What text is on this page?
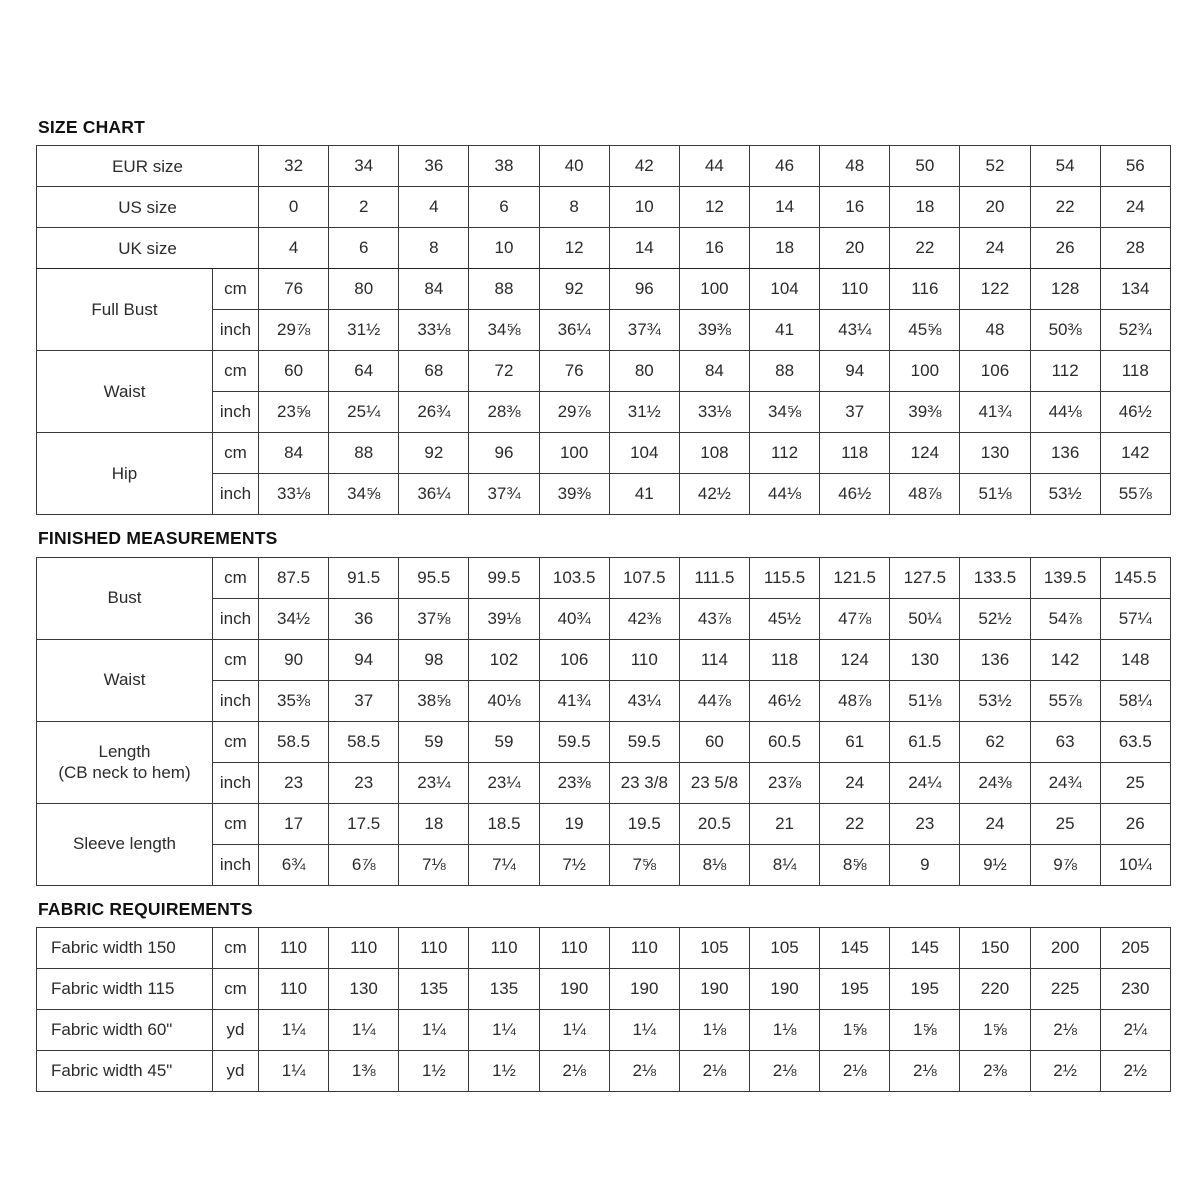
SIZE CHART
EUR size		32	34	36	38	40	42	44	46	48	50	52	54	56
US size		0	2	4	6	8	10	12	14	16	18	20	22	24
UK size		4	6	8	10	12	14	16	18	20	22	24	26	28
Full Bust	cm	76	80	84	88	92	96	100	104	110	116	122	128	134
	inch	29⅞	31½	33⅛	34⅝	36¼	37¾	39⅜	41	43¼	45⅝	48	50⅜	52¾
Waist	cm	60	64	68	72	76	80	84	88	94	100	106	112	118
	inch	23⅝	25¼	26¾	28⅜	29⅞	31½	33⅛	34⅝	37	39⅜	41¾	44⅛	46½
Hip	cm	84	88	92	96	100	104	108	112	118	124	130	136	142
	inch	33⅛	34⅝	36¼	37¾	39⅜	41	42½	44⅛	46½	48⅞	51⅛	53½	55⅞
FINISHED MEASUREMENTS
Bust	cm	87.5	91.5	95.5	99.5	103.5	107.5	111.5	115.5	121.5	127.5	133.5	139.5	145.5
	inch	34½	36	37⅝	39⅛	40¾	42⅜	43⅞	45½	47⅞	50¼	52½	54⅞	57¼
Waist	cm	90	94	98	102	106	110	114	118	124	130	136	142	148
	inch	35⅜	37	38⅝	40⅛	41¾	43¼	44⅞	46½	48⅞	51⅛	53½	55⅞	58¼
Length
(CB neck to hem)	cm	58.5	58.5	59	59	59.5	59.5	60	60.5	61	61.5	62	63	63.5
	inch	23	23	23¼	23¼	23⅜	23 3/8	23 5/8	23⅞	24	24¼	24⅜	24¾	25
Sleeve length	cm	17	17.5	18	18.5	19	19.5	20.5	21	22	23	24	25	26
	inch	6¾	6⅞	7⅛	7¼	7½	7⅝	8⅛	8¼	8⅝	9	9½	9⅞	10¼
FABRIC REQUIREMENTS
Fabric width 150	cm	110	110	110	110	110	110	105	105	145	145	150	200	205
Fabric width 115	cm	110	130	135	135	190	190	190	190	195	195	220	225	230
Fabric width 60"	yd	1¼	1¼	1¼	1¼	1¼	1¼	1⅛	1⅛	1⅝	1⅝	1⅝	2⅛	2¼
Fabric width 45"	yd	1¼	1⅜	1½	1½	2⅛	2⅛	2⅛	2⅛	2⅛	2⅛	2⅜	2½	2½
